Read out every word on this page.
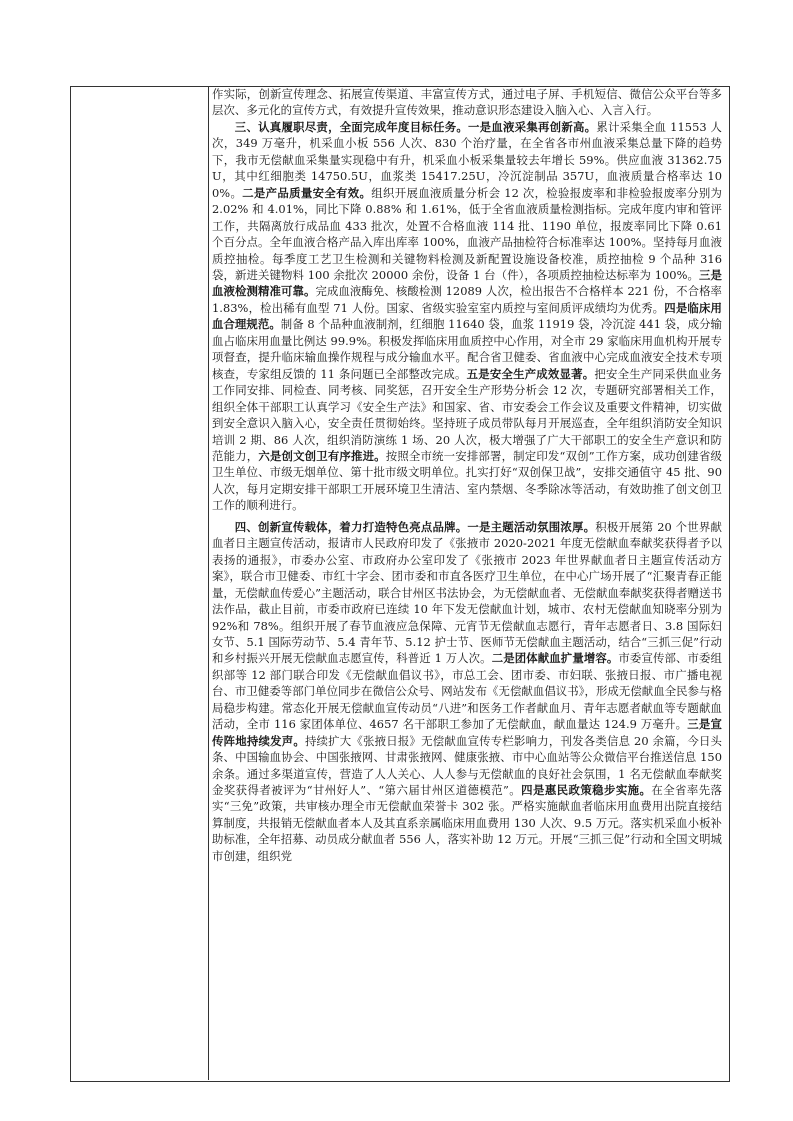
作实际，创新宣传理念、拓展宣传渠道、丰富宣传方式，通过电子屏、手机短信、微信公众平台等多层次、多元化的宣传方式，有效提升宣传效果，推动意识形态建设入脑入心、入言入行。

三、认真履职尽责，全面完成年度目标任务。一是血液采集再创新高。累计采集全血 11553 人次，349 万毫升，机采血小板 556 人次、830 个治疗量，在全省各市州血液采集总量下降的趋势下，我市无偿献血采集量实现稳中有升，机采血小板采集量较去年增长 59%。供应血液 31362.75U，其中红细胞类 14750.5U，血浆类 15417.25U，冷沉淀制品 357U，血液质量合格率达 100%。二是产品质量安全有效。组织开展血液质量分析会 12 次，检验报废率和非检验报废率分别为 2.02% 和 4.01%，同比下降 0.88% 和 1.61%，低于全省血液质量检测指标。完成年度内审和管评工作，共隔离放行成品血 433 批次，处置不合格血液 114 批、1190 单位，报废率同比下降 0.61 个百分点。全年血液合格产品入库出库率 100%，血液产品抽检符合标准率达 100%。坚持每月血液质控抽检。每季度工艺卫生检测和关键物料检测及新配置设施设备校准，质控抽检 9 个品种 316 袋，新进关键物料 100 余批次 20000 余份，设备 1 台（件），各项质控抽检达标率为 100%。三是血液检测精准可靠。完成血液酶免、核酸检测 12089 人次，检出报告不合格样本 221 份，不合格率 1.83%，检出稀有血型 71 人份。国家、省级实验室室内质控与室间质评成绩均为优秀。四是临床用血合理规范。制备 8 个品种血液制剂，红细胞 11640 袋，血浆 11919 袋，冷沉淀 441 袋，成分输血占临床用血量比例达 99.9%。积极发挥临床用血质控中心作用，对全市 29 家临床用血机构开展专项督查，提升临床输血操作规程与成分输血水平。配合省卫健委、省血液中心完成血液安全技术专项核查，专家组反馈的 11 条问题已全部整改完成。五是安全生产成效显著。把安全生产同采供血业务工作同安排、同检查、同考核、同奖惩，召开安全生产形势分析会 12 次，专题研究部署相关工作，组织全体干部职工认真学习《安全生产法》和国家、省、市安委会工作会议及重要文件精神，切实做到安全意识入脑入心，安全责任贯彻始终。坚持班子成员带队每月开展巡查，全年组织消防安全知识培训 2 期、86 人次，组织消防演练 1 场、20 人次，极大增强了广大干部职工的安全生产意识和防范能力，六是创文创卫有序推进。按照全市统一安排部署，制定印发“双创”工作方案，成功创建省级卫生单位、市级无烟单位、第十批市级文明单位。扎实打好“双创保卫战”，安排交通值守 45 批、90 人次，每月定期安排干部职工开展环境卫生清洁、室内禁烟、冬季除冰等活动，有效助推了创文创卫工作的顺利进行。

四、创新宣传载体，着力打造特色亮点品牌。一是主题活动氛围浓厚。积极开展第 20 个世界献血者日主题宣传活动，报请市人民政府印发了《张掖市 2020-2021 年度无偿献血奉献奖获得者予以表扬的通报》，市委办公室、市政府办公室印发了《张掖市 2023 年世界献血者日主题宣传活动方案》，联合市卫健委、市红十字会、团市委和市直各医疗卫生单位，在中心广场开展了“汇聚青春正能量，无偿献血传爱心”主题活动，联合甘州区书法协会，为无偿献血者、无偿献血奉献奖获得者赠送书法作品，截止目前，市委市政府已连续 10 年下发无偿献血计划，城市、农村无偿献血知晓率分别为 92%和 78%。组织开展了春节血液应急保障、元宵节无偿献血志愿行，青年志愿者日、3.8 国际妇女节、5.1 国际劳动节、5.4 青年节、5.12 护士节、医师节无偿献血主题活动，结合“三抓三促”行动和乡村振兴开展无偿献血志愿宣传，科普近 1 万人次。二是团体献血扩量增容。市委宣传部、市委组织部等 12 部门联合印发《无偿献血倡议书》，市总工会、团市委、市妇联、张掖日报、市广播电视台、市卫健委等部门单位同步在微信公众号、网站发布《无偿献血倡议书》，形成无偿献血全民参与格局稳步构建。常态化开展无偿献血宣传动员“八进”和医务工作者献血月、青年志愿者献血等专题献血活动，全市 116 家团体单位、4657 名干部职工参加了无偿献血，献血量达 124.9 万毫升。三是宣传阵地持续发声。持续扩大《张掖日报》无偿献血宣传专栏影响力，刊发各类信息 20 余篇，今日头条、中国输血协会、中国张掖网、甘肃张掖网、健康张掖、市中心血站等公众微信平台推送信息 150 余条。通过多渠道宣传，营造了人人关心、人人参与无偿献血的良好社会氛围，1 名无偿献血奉献奖金奖获得者被评为“甘州好人”、“第六届甘州区道德模范”。四是惠民政策稳步实施。在全省率先落实“三免”政策，共审核办理全市无偿献血荣誉卡 302 张。严格实施献血者临床用血费用出院直接结算制度，共报销无偿献血者本人及其直系亲属临床用血费用 130 人次、9.5 万元。落实机采血小板补助标准，全年招募、动员成分献血者 556 人，落实补助 12 万元。开展“三抓三促”行动和全国文明城市创建，组织党
